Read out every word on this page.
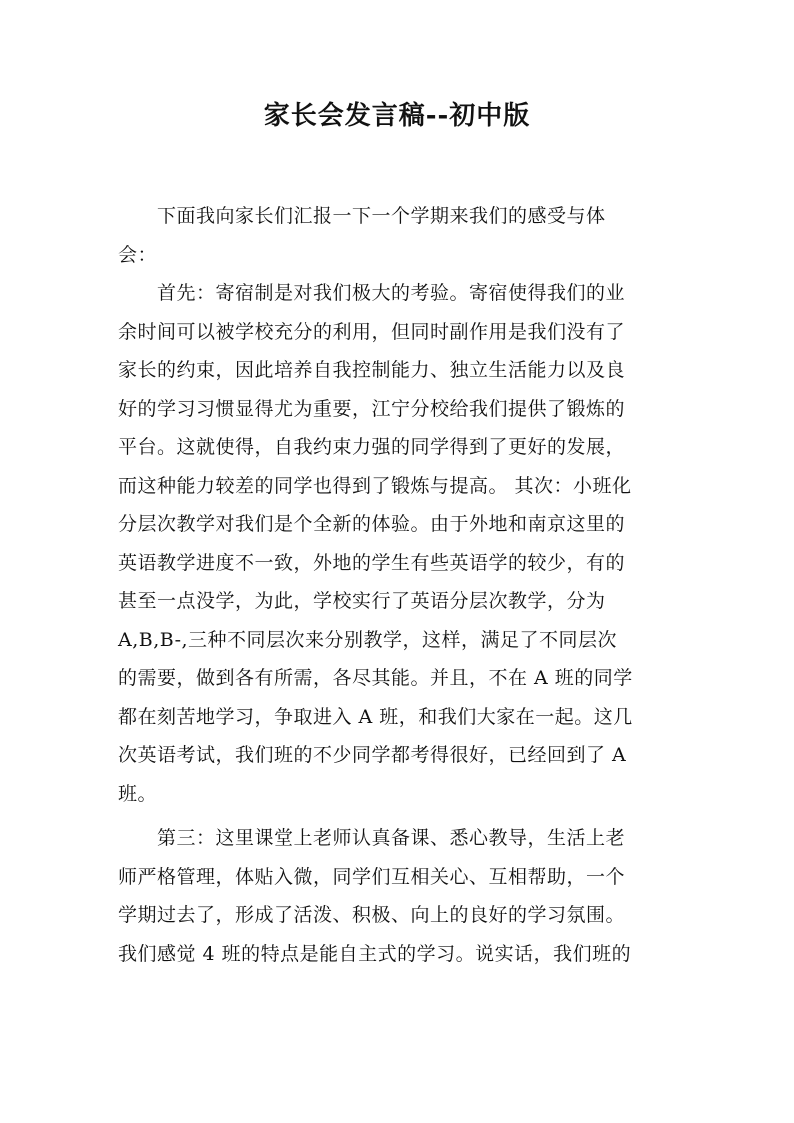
家长会发言稿--初中版
　　下面我向家长们汇报一下一个学期来我们的感受与体
会：
　　首先：寄宿制是对我们极大的考验。寄宿使得我们的业
余时间可以被学校充分的利用，但同时副作用是我们没有了
家长的约束，因此培养自我控制能力、独立生活能力以及良
好的学习习惯显得尤为重要，江宁分校给我们提供了锻炼的
平台。这就使得，自我约束力强的同学得到了更好的发展，
而这种能力较差的同学也得到了锻炼与提高。 其次：小班化
分层次教学对我们是个全新的体验。由于外地和南京这里的
英语教学进度不一致，外地的学生有些英语学的较少，有的
甚至一点没学，为此，学校实行了英语分层次教学，分为
A,B,B-,三种不同层次来分别教学，这样，满足了不同层次
的需要，做到各有所需，各尽其能。并且，不在 A 班的同学
都在刻苦地学习，争取进入 A 班，和我们大家在一起。这几
次英语考试，我们班的不少同学都考得很好，已经回到了 A
班。
　　第三：这里课堂上老师认真备课、悉心教导，生活上老
师严格管理，体贴入微，同学们互相关心、互相帮助，一个
学期过去了，形成了活泼、积极、向上的良好的学习氛围。
我们感觉 4 班的特点是能自主式的学习。说实话，我们班的
